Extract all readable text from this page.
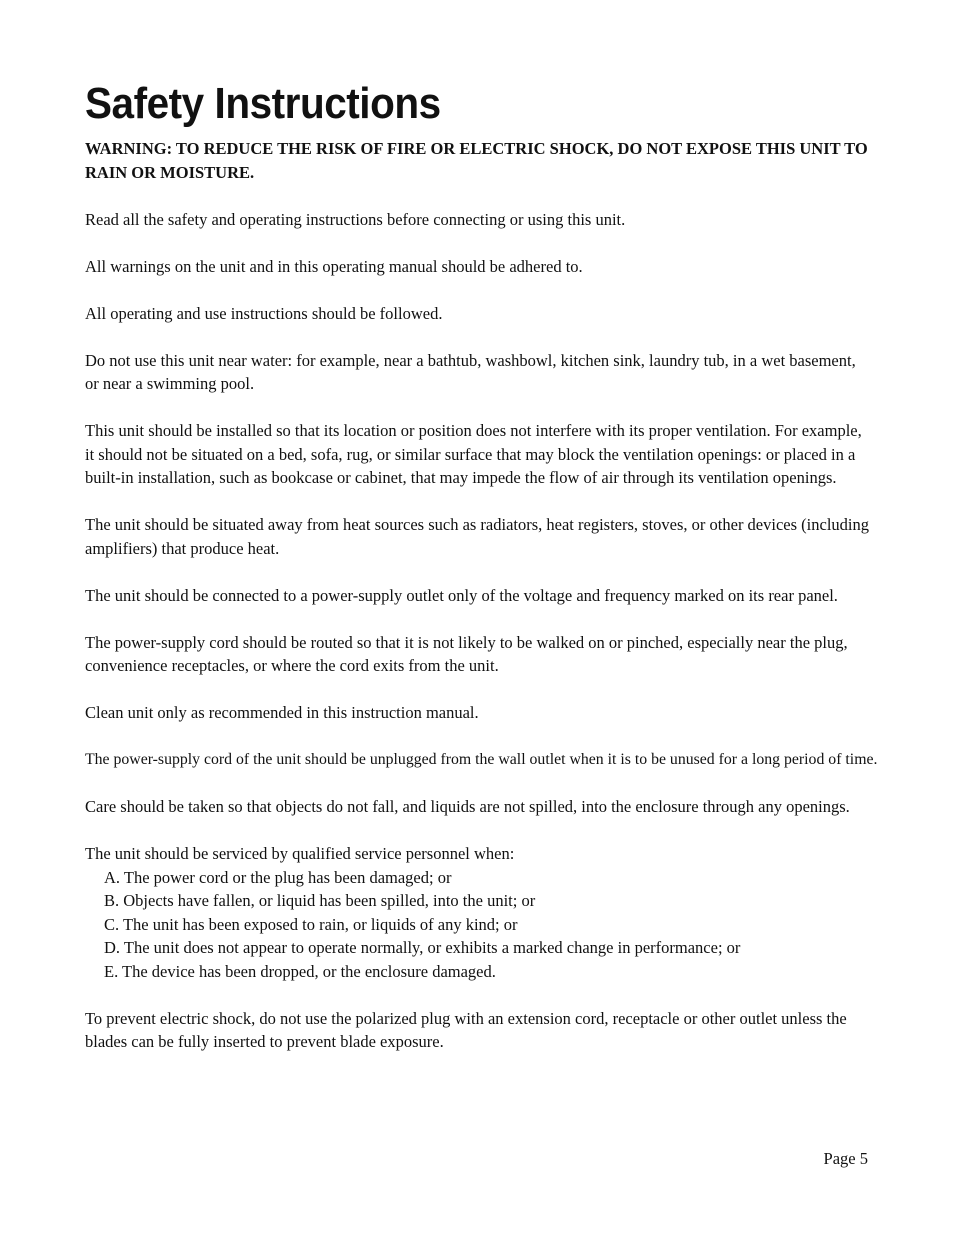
Safety Instructions

WARNING: TO REDUCE THE RISK OF FIRE OR ELECTRIC SHOCK, DO NOT EXPOSE THIS UNIT TO RAIN OR MOISTURE.

Read all the safety and operating instructions before connecting or using this unit.

All warnings on the unit and in this operating manual should be adhered to.

All operating and use instructions should be followed.

Do not use this unit near water: for example, near a bathtub, washbowl, kitchen sink, laundry tub, in a wet basement, or near a swimming pool.

This unit should be installed so that its location or position does not interfere with its proper ventilation. For example, it should not be situated on a bed, sofa, rug, or similar surface that may block the ventilation openings: or placed in a built-in installation, such as bookcase or cabinet, that may impede the flow of air through its ventilation openings.

The unit should be situated away from heat sources such as radiators, heat registers, stoves, or other devices (including amplifiers) that produce heat.

The unit should be connected to a power-supply outlet only of the voltage and frequency marked on its rear panel.

The power-supply cord should be routed so that it is not likely to be walked on or pinched, especially near the plug, convenience receptacles, or where the cord exits from the unit.

Clean unit only as recommended in this instruction manual.

The power-supply cord of the unit should be unplugged from the wall outlet when it is to be unused for a long period of time.

Care should be taken so that objects do not fall, and liquids are not spilled, into the enclosure through any openings.

The unit should be serviced by qualified service personnel when:

A. The power cord or the plug has been damaged; or
B. Objects have fallen, or liquid has been spilled, into the unit; or
C. The unit has been exposed to rain, or liquids of any kind; or
D. The unit does not appear to operate normally, or exhibits a marked change in performance; or
E. The device has been dropped, or the enclosure damaged.

To prevent electric shock, do not use the polarized plug with an extension cord, receptacle or other outlet unless the blades can be fully inserted to prevent blade exposure.

Page 5
